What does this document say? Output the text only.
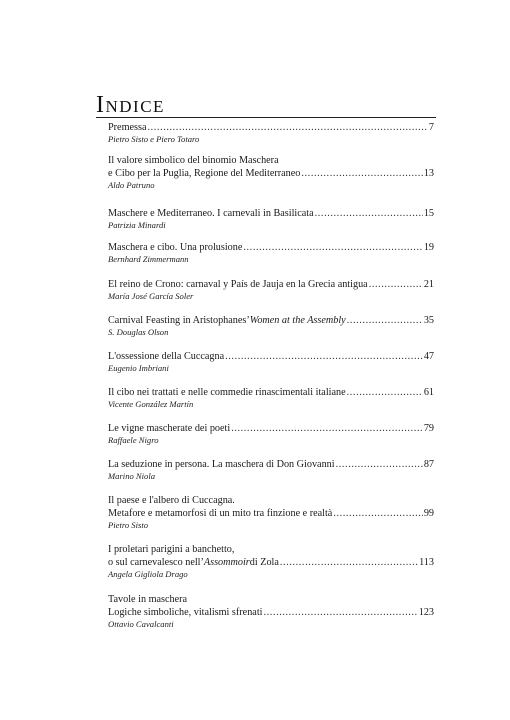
Indice
Premessa .....	7
Pietro Sisto e Piero Totaro
Il valore simbolico del binomio Maschera
e Cibo per la Puglia, Regione del Mediterraneo .....	13
Aldo Patruno
Maschere e Mediterraneo. I carnevali in Basilicata .....	15
Patrizia Minardi
Maschera e cibo. Una prolusione .....	19
Bernhard Zimmermann
El reino de Crono: carnaval y País de Jauja en la Grecia antigua .....	21
María José García Soler
Carnival Feasting in Aristophanes’ Women at the Assembly .....	35
S. Douglas Olson
L'ossessione della Cuccagna .....	47
Eugenio Imbriani
Il cibo nei trattati e nelle commedie rinascimentali italiane .....	61
Vicente González Martín
Le vigne mascherate dei poeti .....	79
Raffaele Nigro
La seduzione in persona. La maschera di Don Giovanni .....	87
Marino Niola
Il paese e l'albero di Cuccagna.
Metafore e metamorfosi di un mito tra finzione e realtà .....	99
Pietro Sisto
I proletari parigini a banchetto,
o sul carnevalesco nell’ Assommoir di Zola .....	113
Angela Gigliola Drago
Tavole in maschera
Logiche simboliche, vitalismi sfrenati .....	123
Ottavio Cavalcanti
